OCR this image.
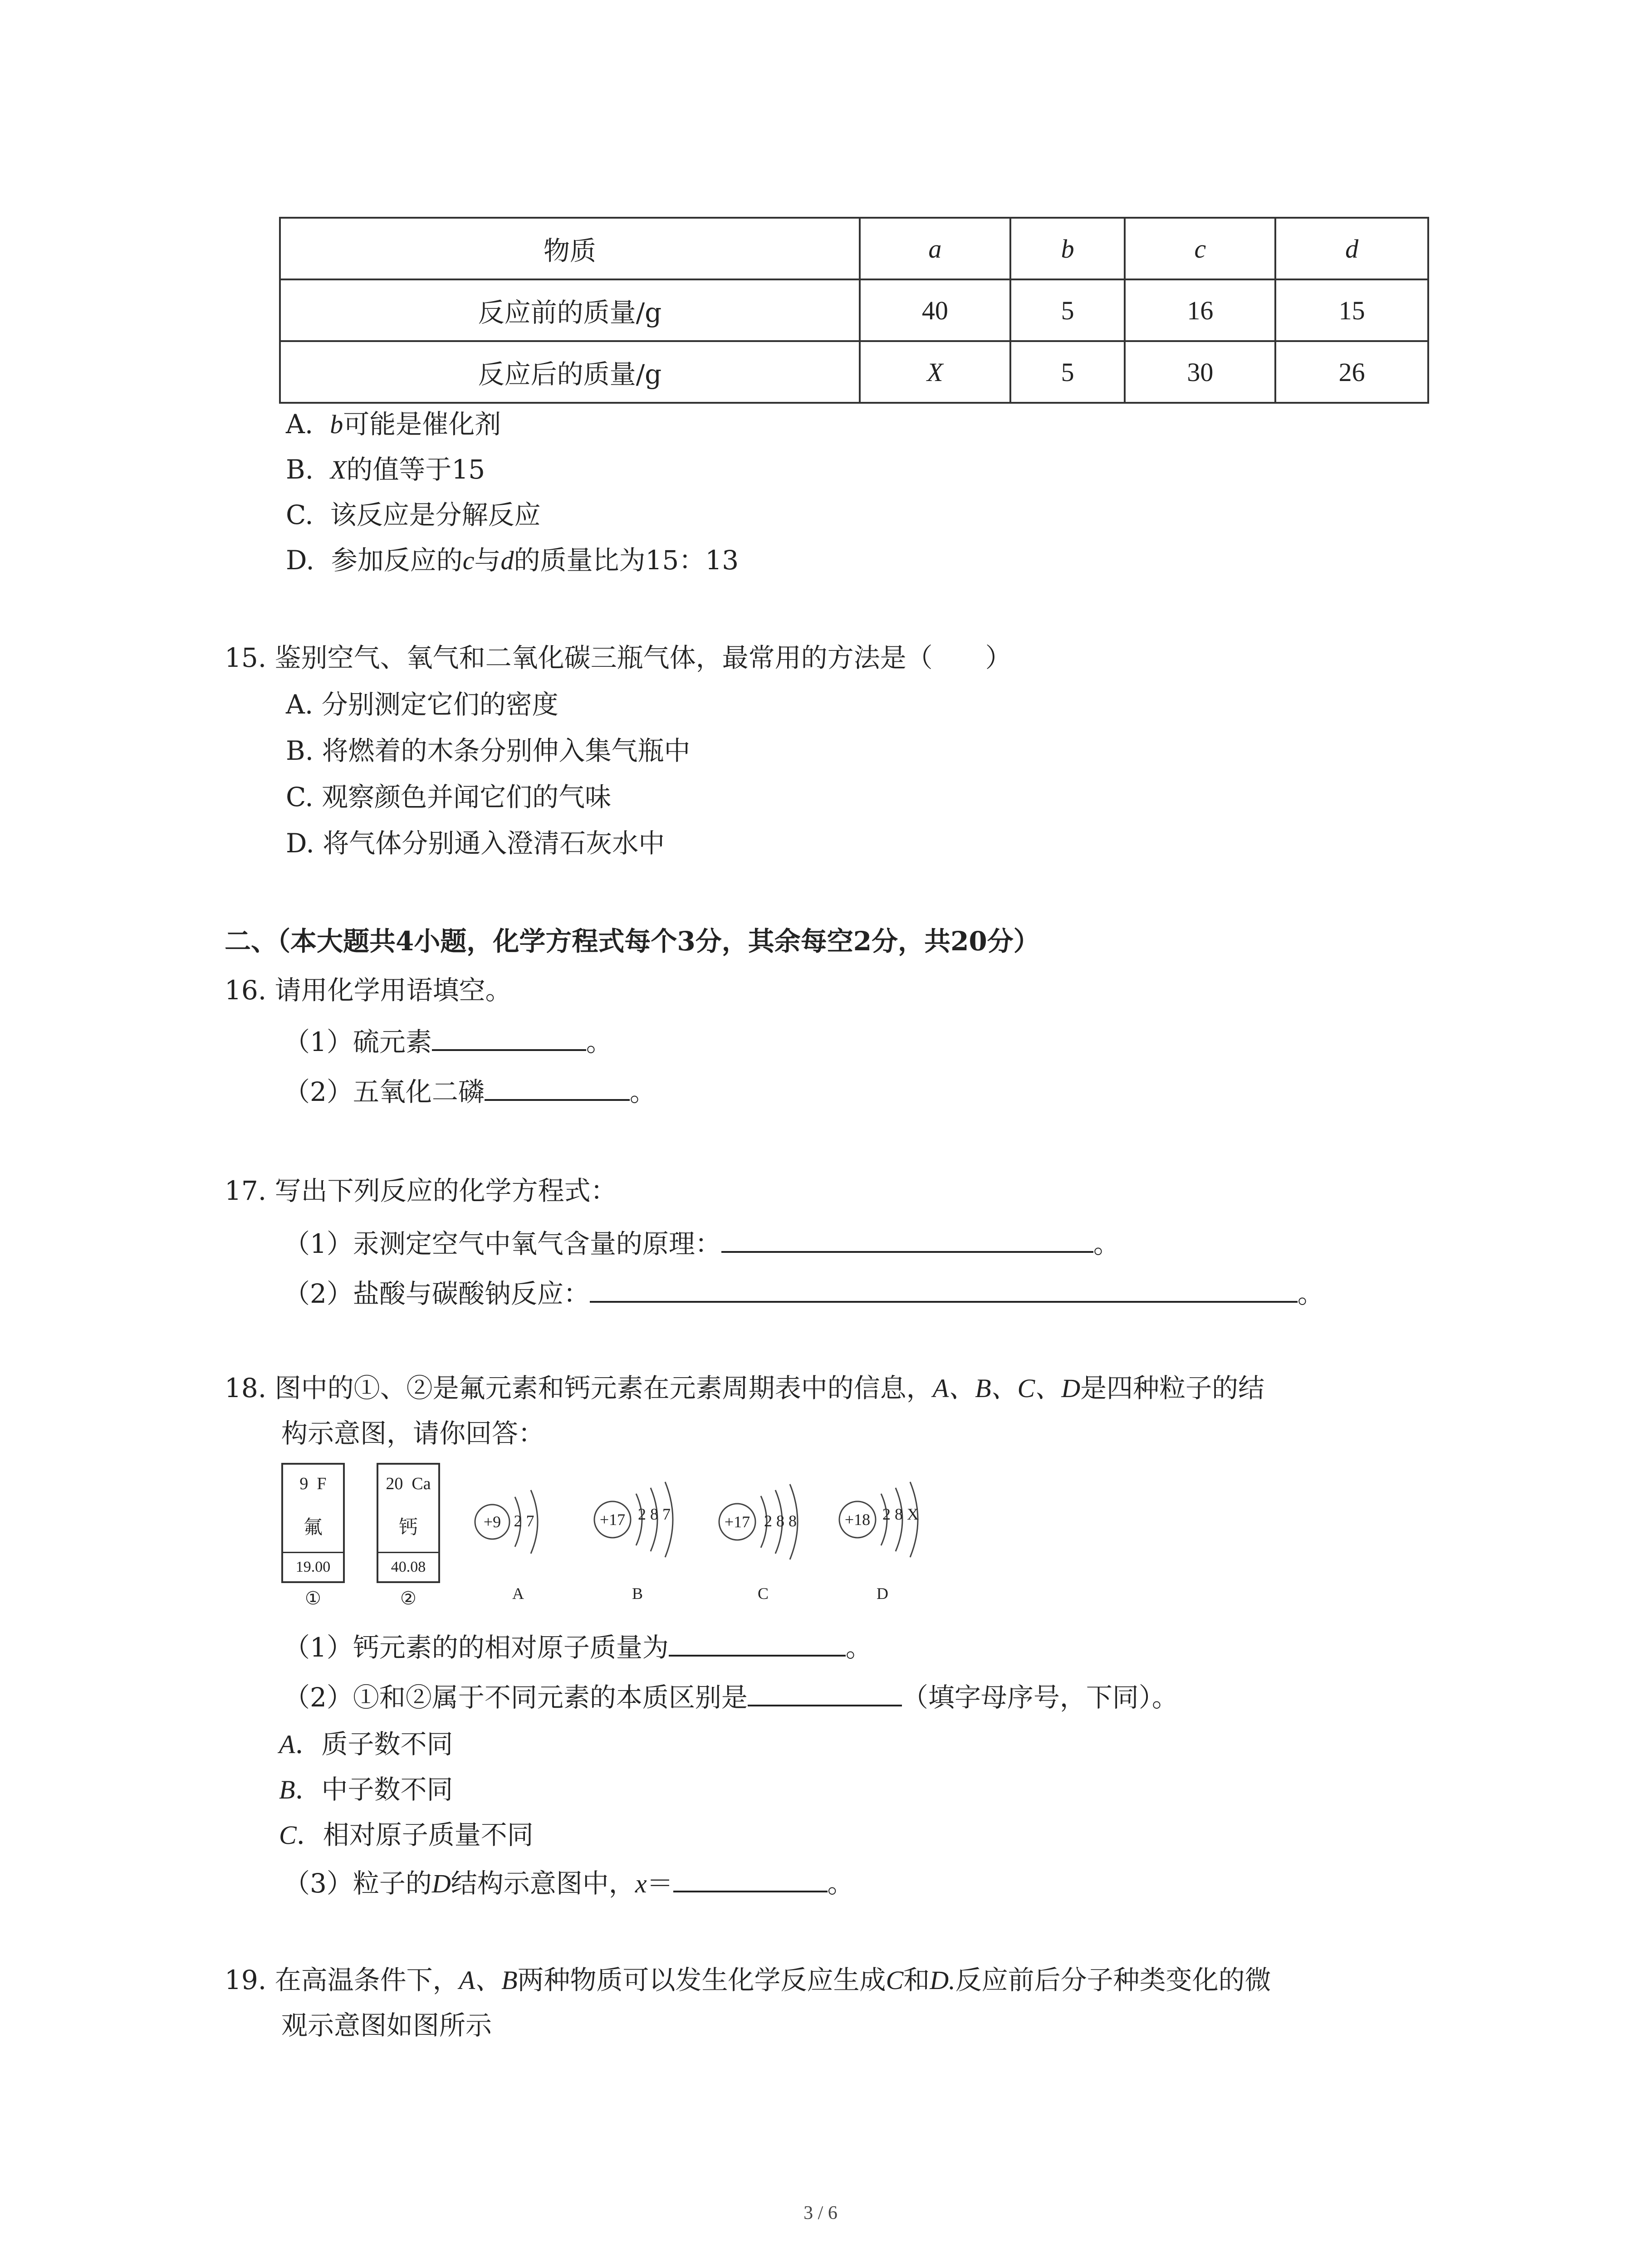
物质	a	b	c	d
反应前的质量/g	40	5	16	15
反应后的质量/g	X	5	30	26
A. b可能是催化剂
B. X的值等于15
C. 该反应是分解反应
D. 参加反应的c与d的质量比为15：13
15. 鉴别空气、氧气和二氧化碳三瓶气体，最常用的方法是（　　）
A. 分别测定它们的密度
B. 将燃着的木条分别伸入集气瓶中
C. 观察颜色并闻它们的气味
D. 将气体分别通入澄清石灰水中
二、（本大题共4小题，化学方程式每个3分，其余每空2分，共20分）
16. 请用化学用语填空。
（1）硫元素	。
（2）五氧化二磷	。
17. 写出下列反应的化学方程式：
（1）汞测定空气中氧气含量的原理：	。
（2）盐酸与碳酸钠反应：	。
18. 图中的①、②是氟元素和钙元素在元素周期表中的信息，A、B、C、D是四种粒子的结
构示意图，请你回答：
9 F
氟
19.00
①
20 Ca
钙
40.08
②
+9 2 7	+17 2 8 7	+17 2 8 8	+18 2 8 X
A	B	C	D
（1）钙元素的的相对原子质量为	。
（2）①和②属于不同元素的本质区别是	（填字母序号，下同）。
A．质子数不同
B．中子数不同
C．相对原子质量不同
（3）粒子的D结构示意图中，x＝	。
19. 在高温条件下，A、B两种物质可以发生化学反应生成C和D.反应前后分子种类变化的微
观示意图如图所示
3 / 6
